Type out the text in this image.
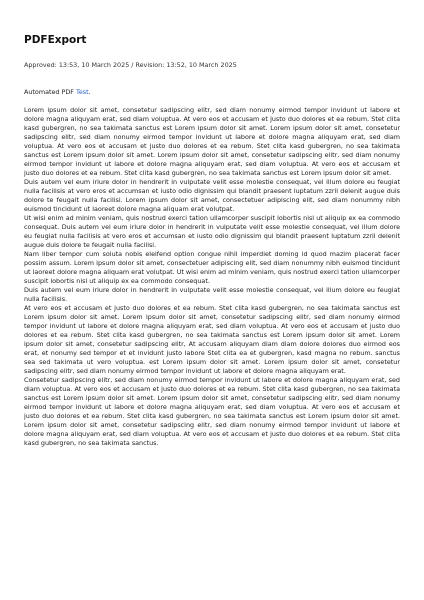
PDFExport
Approved: 13:53, 10 March 2025 / Revision: 13:52, 10 March 2025
Automated PDF Test.

Lorem ipsum dolor sit amet, consetetur sadipscing elitr, sed diam nonumy eirmod tempor invidunt ut labore et dolore magna aliquyam erat, sed diam voluptua. At vero eos et accusam et justo duo dolores et ea rebum. Stet clita kasd gubergren, no sea takimata sanctus est Lorem ipsum dolor sit amet. Lorem ipsum dolor sit amet, consetetur sadipscing elitr, sed diam nonumy eirmod tempor invidunt ut labore et dolore magna aliquyam erat, sed diam voluptua. At vero eos et accusam et justo duo dolores et ea rebum. Stet clita kasd gubergren, no sea takimata sanctus est Lorem ipsum dolor sit amet. Lorem ipsum dolor sit amet, consetetur sadipscing elitr, sed diam nonumy eirmod tempor invidunt ut labore et dolore magna aliquyam erat, sed diam voluptua. At vero eos et accusam et justo duo dolores et ea rebum. Stet clita kasd gubergren, no sea takimata sanctus est Lorem ipsum dolor sit amet.

Duis autem vel eum iriure dolor in hendrerit in vulputate velit esse molestie consequat, vel illum dolore eu feugiat nulla facilisis at vero eros et accumsan et iusto odio dignissim qui blandit praesent luptatum zzril delenit augue duis dolore te feugait nulla facilisi. Lorem ipsum dolor sit amet, consectetuer adipiscing elit, sed diam nonummy nibh euismod tincidunt ut laoreet dolore magna aliquam erat volutpat.

Ut wisi enim ad minim veniam, quis nostrud exerci tation ullamcorper suscipit lobortis nisl ut aliquip ex ea commodo consequat. Duis autem vel eum iriure dolor in hendrerit in vulputate velit esse molestie consequat, vel illum dolore eu feugiat nulla facilisis at vero eros et accumsan et iusto odio dignissim qui blandit praesent luptatum zzril delenit augue duis dolore te feugait nulla facilisi.

Nam liber tempor cum soluta nobis eleifend option congue nihil imperdiet doming id quod mazim placerat facer possim assum. Lorem ipsum dolor sit amet, consectetuer adipiscing elit, sed diam nonummy nibh euismod tincidunt ut laoreet dolore magna aliquam erat volutpat. Ut wisi enim ad minim veniam, quis nostrud exerci tation ullamcorper suscipit lobortis nisl ut aliquip ex ea commodo consequat.

Duis autem vel eum iriure dolor in hendrerit in vulputate velit esse molestie consequat, vel illum dolore eu feugiat nulla facilisis.

At vero eos et accusam et justo duo dolores et ea rebum. Stet clita kasd gubergren, no sea takimata sanctus est Lorem ipsum dolor sit amet. Lorem ipsum dolor sit amet, consetetur sadipscing elitr, sed diam nonumy eirmod tempor invidunt ut labore et dolore magna aliquyam erat, sed diam voluptua. At vero eos et accusam et justo duo dolores et ea rebum. Stet clita kasd gubergren, no sea takimata sanctus est Lorem ipsum dolor sit amet. Lorem ipsum dolor sit amet, consetetur sadipscing elitr, At accusam aliquyam diam diam dolore dolores duo eirmod eos erat, et nonumy sed tempor et et invidunt justo labore Stet clita ea et gubergren, kasd magna no rebum. sanctus sea sed takimata ut vero voluptua. est Lorem ipsum dolor sit amet. Lorem ipsum dolor sit amet, consetetur sadipscing elitr, sed diam nonumy eirmod tempor invidunt ut labore et dolore magna aliquyam erat.

Consetetur sadipscing elitr, sed diam nonumy eirmod tempor invidunt ut labore et dolore magna aliquyam erat, sed diam voluptua. At vero eos et accusam et justo duo dolores et ea rebum. Stet clita kasd gubergren, no sea takimata sanctus est Lorem ipsum dolor sit amet. Lorem ipsum dolor sit amet, consetetur sadipscing elitr, sed diam nonumy eirmod tempor invidunt ut labore et dolore magna aliquyam erat, sed diam voluptua. At vero eos et accusam et justo duo dolores et ea rebum. Stet clita kasd gubergren, no sea takimata sanctus est Lorem ipsum dolor sit amet. Lorem ipsum dolor sit amet, consetetur sadipscing elitr, sed diam nonumy eirmod tempor invidunt ut labore et dolore magna aliquyam erat, sed diam voluptua. At vero eos et accusam et justo duo dolores et ea rebum. Stet clita kasd gubergren, no sea takimata sanctus.
